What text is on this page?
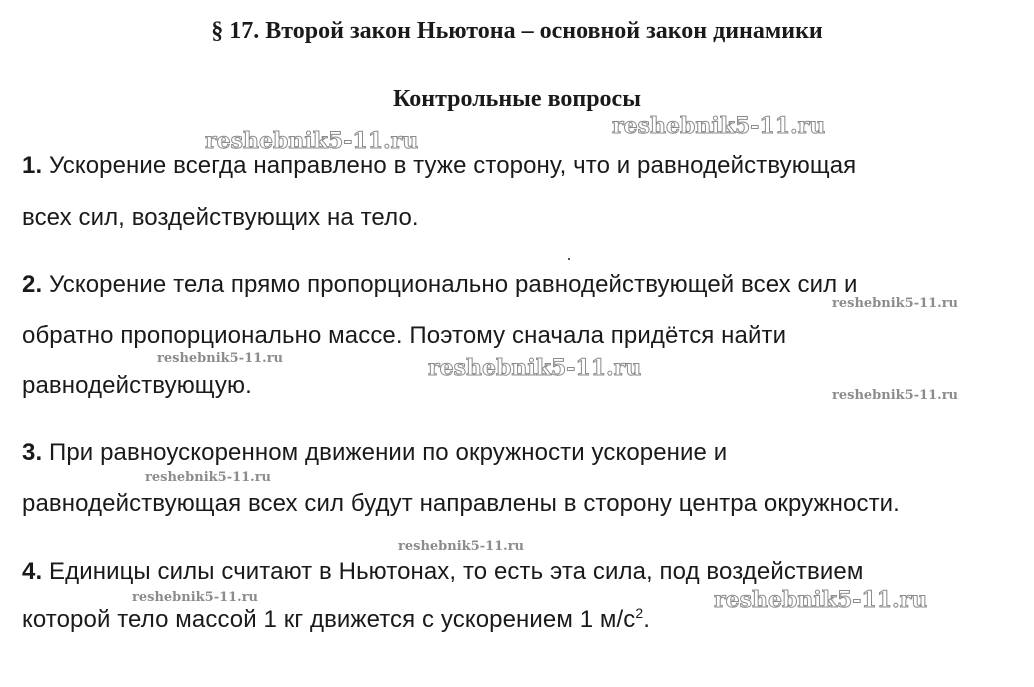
§ 17. Второй закон Ньютона – основной закон динамики
Контрольные вопросы
reshebnik5-11.ru
reshebnik5-11.ru
reshebnik5-11.ru
reshebnik5-11.ru	reshebnik5-11.ru
reshebnik5-11.ru
reshebnik5-11.ru
reshebnik5-11.ru
reshebnik5-11.ru	reshebnik5-11.ru
1. Ускорение всегда направлено в туже сторону, что и равнодействующая
всех сил, воздействующих на тело.
2. Ускорение тела прямо пропорционально равнодействующей всех сил и
обратно пропорционально массе. Поэтому сначала придётся найти
равнодействующую.
3. При равноускоренном движении по окружности ускорение и
равнодействующая всех сил будут направлены в сторону центра окружности.
4. Единицы силы считают в Ньютонах, то есть эта сила, под воздействием
которой тело массой 1 кг движется с ускорением 1 $м/с^2$.
